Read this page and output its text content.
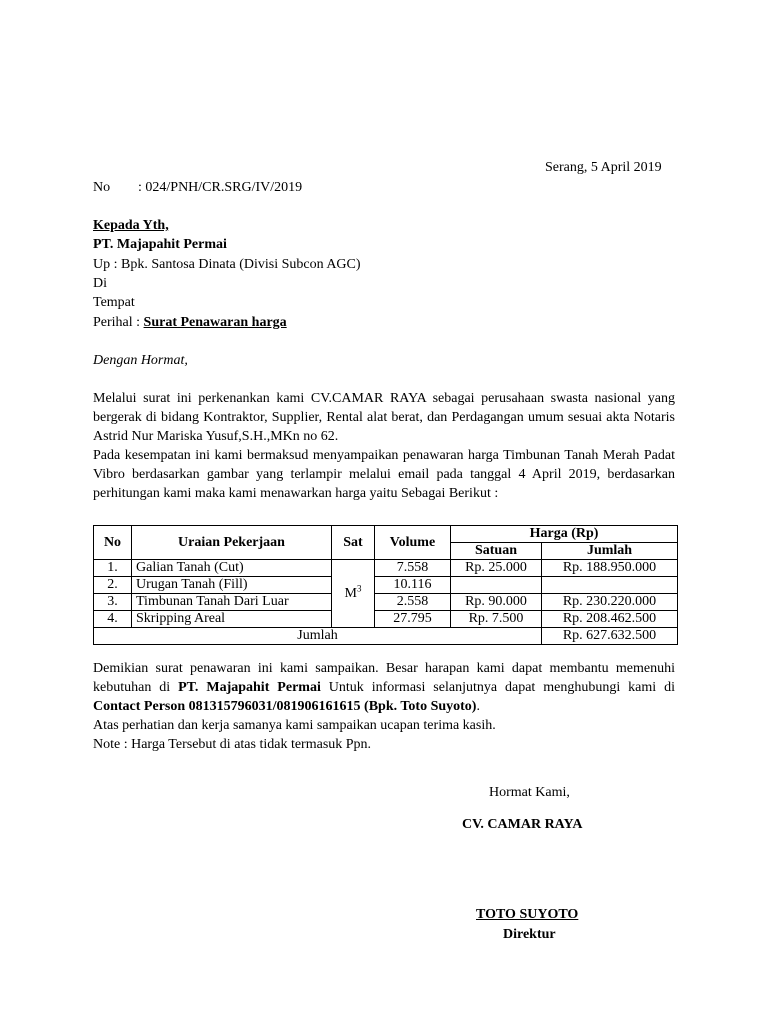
Serang, 5 April 2019
No : 024/PNH/CR.SRG/IV/2019
Kepada Yth,
PT. Majapahit Permai
Up : Bpk. Santosa Dinata (Divisi Subcon AGC)
Di
Tempat
Perihal : Surat Penawaran harga
Dengan Hormat,

Melalui surat ini perkenankan kami CV.CAMAR RAYA sebagai perusahaan swasta nasional yang bergerak di bidang Kontraktor, Supplier, Rental alat berat, dan Perdagangan umum sesuai akta Notaris Astrid Nur Mariska Yusuf,S.H.,MKn no 62.

Pada kesempatan ini kami bermaksud menyampaikan penawaran harga Timbunan Tanah Merah Padat Vibro berdasarkan gambar yang terlampir melalui email pada tanggal 4 April 2019, berdasarkan perhitungan kami maka kami menawarkan harga yaitu Sebagai Berikut :

No	Uraian Pekerjaan	Sat	Volume	Harga (Rp)	
				Satuan	Jumlah
1.	Galian Tanah (Cut)	$M^3$	7.558	Rp. 25.000	Rp. 188.950.000
2.	Urugan Tanah (Fill)		10.116		
3.	Timbunan Tanah Dari Luar		2.558	Rp. 90.000	Rp. 230.220.000
4.	Skripping Areal		27.795	Rp. 7.500	Rp. 208.462.500
Jumlah					Rp. 627.632.500

Demikian surat penawaran ini kami sampaikan. Besar harapan kami dapat membantu memenuhi kebutuhan di PT. Majapahit Permai Untuk informasi selanjutnya dapat menghubungi kami di Contact Person 081315796031/081906161615 (Bpk. Toto Suyoto).

Atas perhatian dan kerja samanya kami sampaikan ucapan terima kasih.

Note : Harga Tersebut di atas tidak termasuk Ppn.

Hormat Kami,
CV. CAMAR RAYA
TOTO SUYOTO
Direktur
